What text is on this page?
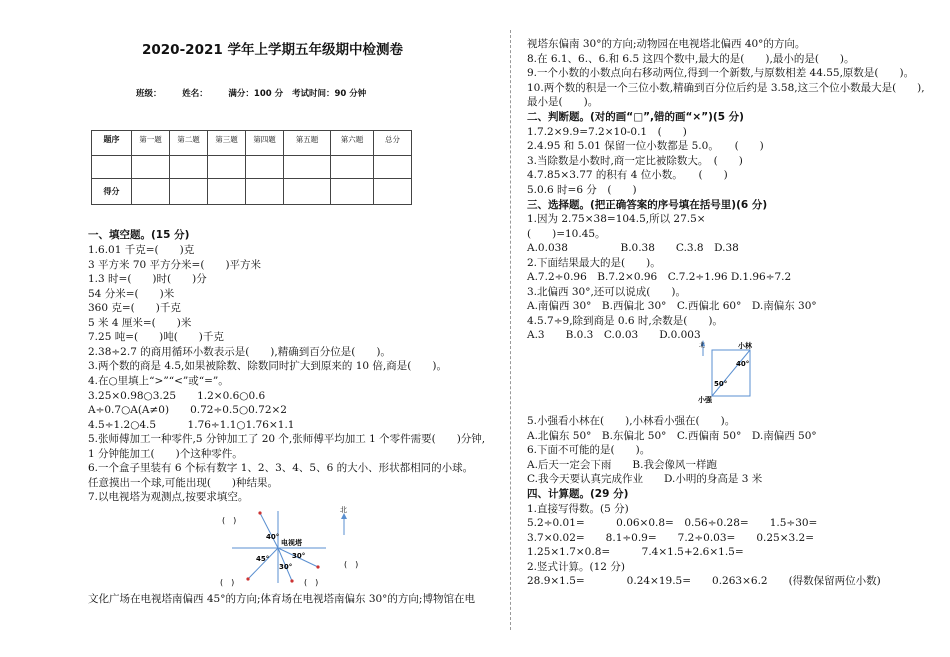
2020-2021 学年上学期五年级期中检测卷
班级：       姓名：       满分：100 分   考试时间：90 分钟
题序	第一题	第二题	第三题	第四题	第五题	第六题	总分

得分							
一、填空题。(15 分)
1.6.01 千克=(　　)克
3 平方米 70 平方分米=(　　)平方米
1.3 时=(　　)时(　　)分
54 分米=(　　)米
360 克=(　　)千克
5 米 4 厘米=(　　)米
7.25 吨=(　　)吨(　　)千克
2.38÷2.7 的商用循环小数表示是(　　),精确到百分位是(　　)。
3.两个数的商是 4.5,如果被除数、除数同时扩大到原来的 10 倍,商是(　　)。
4.在○里填上“>”“<”或“=”。
3.25×0.98○3.25　　1.2×0.6○0.6
A÷0.7○A(A≠0)　　0.72÷0.5○0.72×2
4.5÷1.2○4.5　　　1.76÷1.1○1.76×1.1
5.张师傅加工一种零件,5 分钟加工了 20 个,张师傅平均加工 1 个零件需要(　　)分钟,
1 分钟能加工(　　)个这种零件。
6.一个盒子里装有 6 个标有数字 1、2、3、4、5、6 的大小、形状都相同的小球。
任意摸出一个球,可能出现(　　)种结果。
7.以电视塔为观测点,按要求填空。
文化广场在电视塔南偏西 45°的方向;体育场在电视塔南偏东 30°的方向;博物馆在电
40°
电视塔
30°
45°
30°
(　)
(　)	(　)
(　)
北
视塔东偏南 30°的方向;动物园在电视塔北偏西 40°的方向。
8.在 6.1、6.、6.和 6.5 这四个数中,最大的是(　　),最小的是(　　)。
9.一个小数的小数点向右移动两位,得到一个新数,与原数相差 44.55,原数是(　　)。
10.两个数的积是一个三位小数,精确到百分位后约是 3.58,这三个位小数最大是(　　),
最小是(　　)。
二、判断题。(对的画“□”,错的画“×”)(5 分)
1.7.2×9.9=7.2×10-0.1　(　　)
2.4.95 和 5.01 保留一位小数都是 5.0。　　(　　)
3.当除数是小数时,商一定比被除数大。　(　　)
4.7.85×3.77 的积有 4 位小数。　　(　　)
5.0.6 时=6 分　(　　)
三、选择题。(把正确答案的序号填在括号里)(6 分)
1.因为 2.75×38=104.5,所以 27.5×
(　　)=10.45。
A.0.038　　　　　B.0.38　　C.3.8　D.38
2.下面结果最大的是(　　)。
A.7.2÷0.96　B.7.2×0.96　C.7.2÷1.96 D.1.96÷7.2
3.北偏西 30°,还可以说成(　　)。
A.南偏西 30°　B.西偏北 30°　C.西偏北 60°　D.南偏东 30°
4.5.7÷9,除到商是 0.6 时,余数是(　　)。
A.3　　B.0.3　C.0.03　　D.0.003
5.小强看小林在(　　),小林看小强在(　　)。
A.北偏东 50°　B.东偏北 50°　C.西偏南 50°　D.南偏西 50°
6.下面不可能的是(　　)。
A.后天一定会下雨　　B.我会像风一样跑
C.我今天要认真完成作业　　D.小明的身高是 3 米
四、计算题。(29 分)
1.直接写得数。(5 分)
5.2÷0.01=　　　0.06×0.8=　0.56÷0.28=　　1.5÷30=
3.7×0.02=　　8.1÷0.9=　　7.2÷0.03=　　0.25×3.2=
1.25×1.7×0.8=　　　7.4×1.5+2.6×1.5=
2.竖式计算。(12 分)
28.9×1.5=　　　　0.24×19.5=　　0.263×6.2　　(得数保留两位小数)
北	小林
小强
40°
50°
